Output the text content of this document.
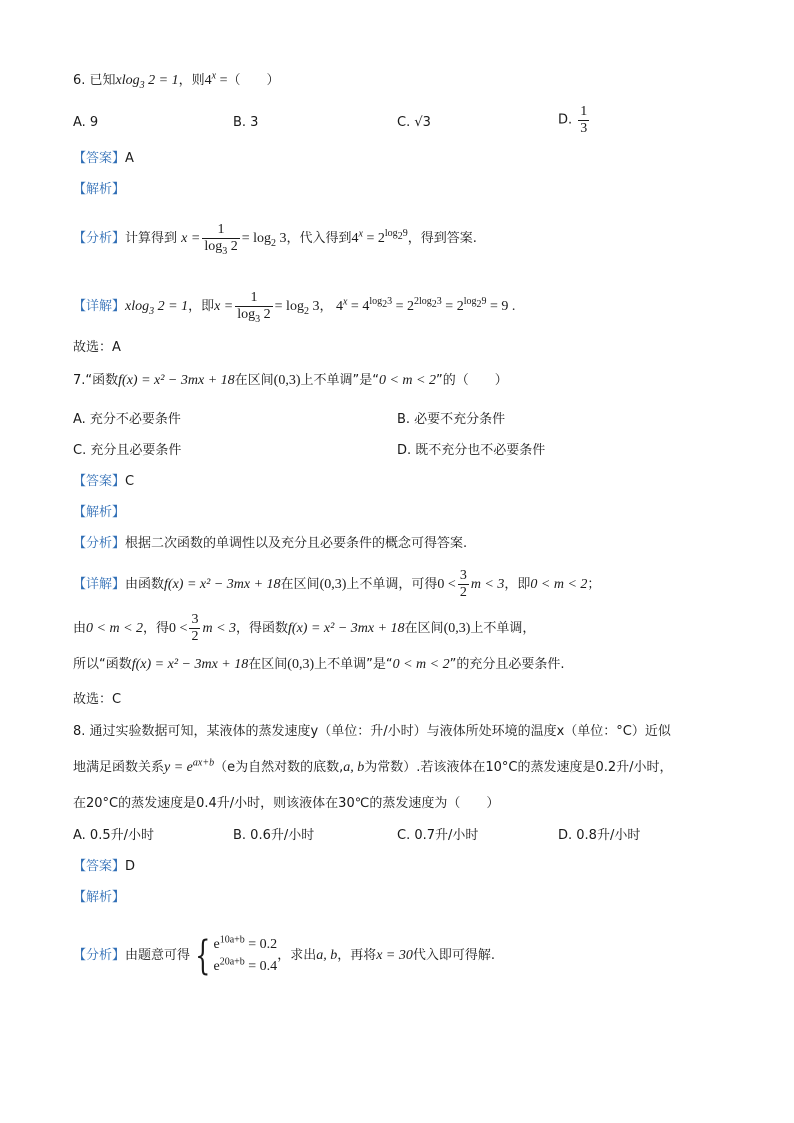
6. 已知xlog$_3$ 2 = 1，则$4^x$ =（　　）
A. 9	B. 3	C. √3	D. $\frac{1}{3}$
【答案】A
【解析】
【分析】计算得到 $x = \frac{1}{\log_3 2} = \log_2 3$，代入得到$4^x = 2^{log_29}$，得到答案.
【详解】xlog$_3$ 2 = 1，即$x = \frac{1}{\log_3 2} = \log_2 3$， $4^x = 4^{log_23} = 2^{2log_23} = 2^{log_29} = 9$ .
故选：A
7.“函数f(x) = x² − 3mx + 18在区间(0,3)上不单调”是“0 < m < 2”的（　　）
A. 充分不必要条件	B. 必要不充分条件
C. 充分且必要条件	D. 既不充分也不必要条件
【答案】C
【解析】
【分析】根据二次函数的单调性以及充分且必要条件的概念可得答案.
【详解】由函数f(x) = x² − 3mx + 18在区间(0,3)上不单调，可得$0 < \frac{3}{2}$ m < 3，即0 < m < 2；
由0 < m < 2，得$0 < \frac{3}{2}$ m < 3，得函数f(x) = x² − 3mx + 18在区间(0,3)上不单调，
所以“函数f(x) = x² − 3mx + 18在区间(0,3)上不单调”是“0 < m < 2”的充分且必要条件.
故选：C
8. 通过实验数据可知，某液体的蒸发速度y（单位：升/小时）与液体所处环境的温度x（单位：°C）近似
地满足函数关系$y = e^{ax+b}(e$为自然对数的底数,a, b为常数）.若该液体在10°C的蒸发速度是0.2升/小时，
在20°C的蒸发速度是0.4升/小时，则该液体在30℃的蒸发速度为（　　）
A. 0.5升/小时	B. 0.6升/小时	C. 0.7升/小时	D. 0.8升/小时
【答案】D
【解析】
【分析】由题意可得 { $e^{10a+b} = 0.2$
$e^{20a+b} = 0.4$
，求出a, b，再将x = 30代入即可得解.
